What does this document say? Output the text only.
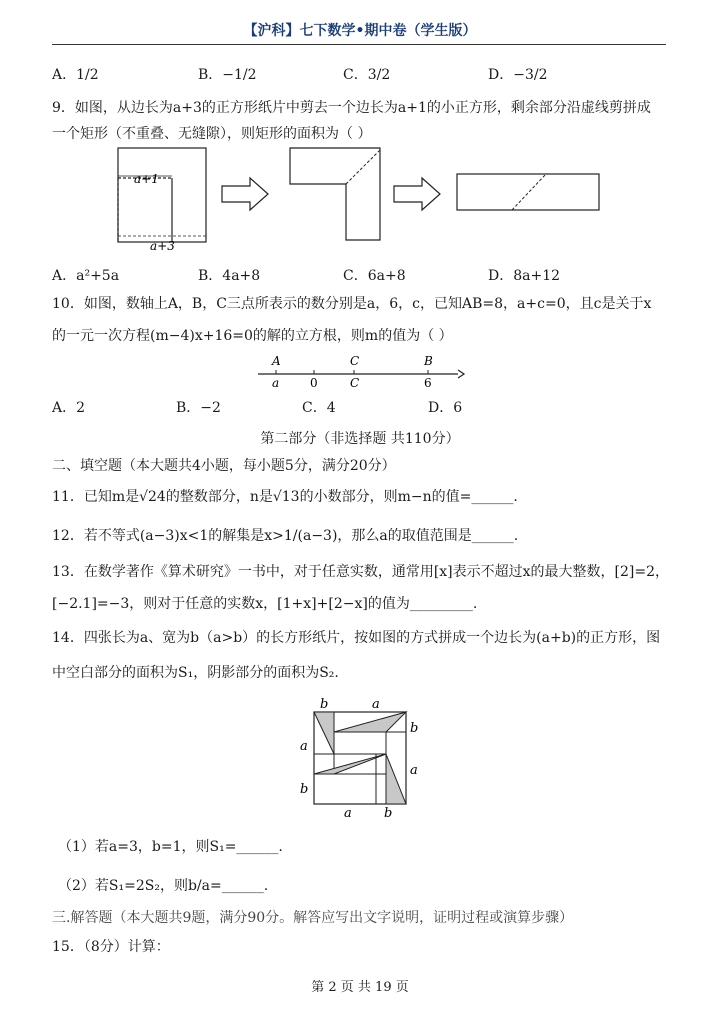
【沪科】七下数学•期中卷（学生版）
A．1/2	B．−1/2	C．3/2	D．−3/2
9．如图，从边长为a+3的正方形纸片中剪去一个边长为a+1的小正方形，剩余部分沿虚线剪拼成
一个矩形（不重叠、无缝隙），则矩形的面积为（ ）
a+1
a+3
A．a²+5a	B．4a+8	C．6a+8	D．8a+12
10．如图，数轴上A，B，C三点所表示的数分别是a，6，c，已知AB=8，a+c=0，且c是关于x
的一元一次方程(m−4)x+16=0的解的立方根，则m的值为（ ）
A	C	B
a	0	C	6
A．2	B．−2	C．4	D．6
第二部分（非选择题 共110分）
二、填空题（本大题共4小题，每小题5分，满分20分）
11．已知m是√24的整数部分，n是√13的小数部分，则m−n的值=______.
12．若不等式(a−3)x<1的解集是x>1/(a−3)，那么a的取值范围是______.
13．在数学著作《算术研究》一书中，对于任意实数，通常用[x]表示不超过x的最大整数，[2]=2，
[−2.1]=−3，则对于任意的实数x，[1+x]+[2−x]的值为_________.
14．四张长为a、宽为b（a>b）的长方形纸片，按如图的方式拼成一个边长为(a+b)的正方形，图
中空白部分的面积为S₁，阴影部分的面积为S₂.
b	a
a
b
b
a
a b
（1）若a=3，b=1，则S₁=______.
（2）若S₁=2S₂，则b/a=______.
三.解答题（本大题共9题，满分90分。解答应写出文字说明，证明过程或演算步骤）
15．（8分）计算：
第 2 页 共 19 页
